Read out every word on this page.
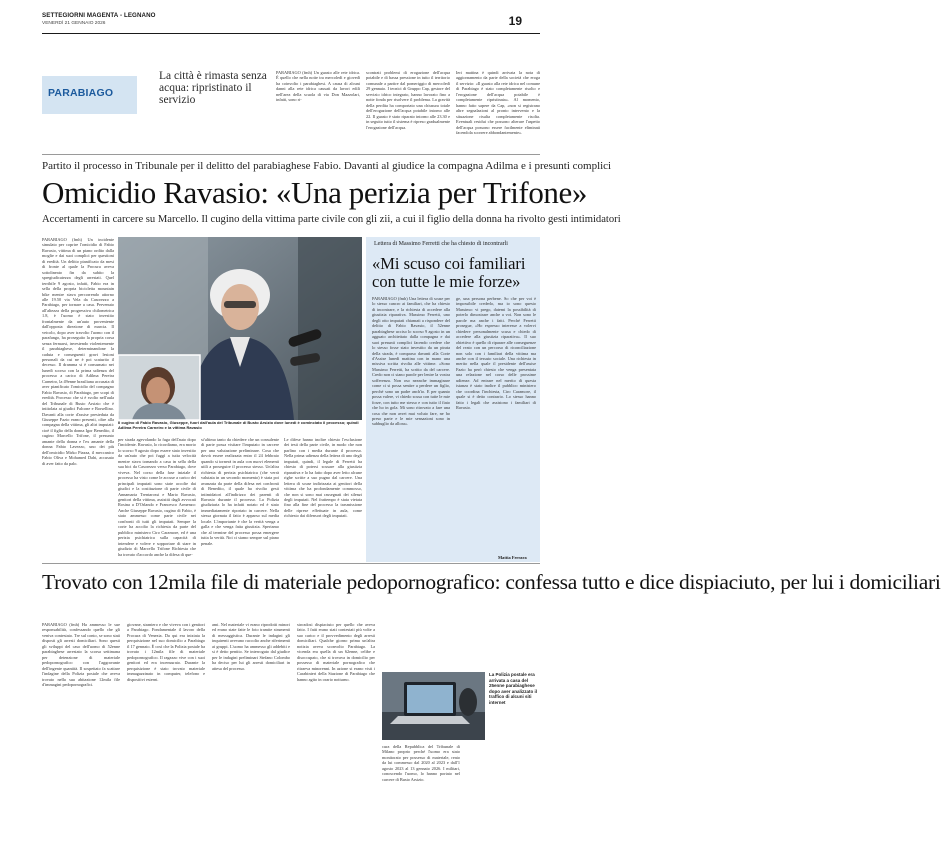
SETTEGIORNI MAGENTA - LEGNANO
VENERDÌ 21 GENNAIO 2026	19
PARABIAGO
La città è rimasta senza acqua: ripristinato il servizio
PARABIAGO (fmh) Un guasto alle rete idrica. È quello che nella notte tra mercoledì e giovedì ha coinvolto i parabiaghesi. A causa di alcuni danni alla rete idrica causati da lavori edili nell'area della scuola di via Don Mazzolari, infatti, sono ri-
scontrati problemi di erogazione dell'acqua potabile e di bassa pressione in tutto il territorio comunale a partire dal pomeriggio di mercoledì 29 gennaio. I tecnici di Gruppo Cap, gestore del servizio idrico integrato, hanno lavorato fino a notte fonda per risolvere il problema. La gravità della perdita ha comportato una chiusura totale dell'erogazione dell'acqua potabile intorno alle 22. Il guasto è stato riparato intorno alle 23.30 e in seguito tutto il sistema è ripreso gradualmente l'erogazione dell'acqua.
Ieri mattina è quindi arrivata la nota di aggiornamento da parte della società che eroga il servizio: «Il guasto alla rete idrica nel comune di Parabiago è stato completamente risolto e l'erogazione dell'acqua potabile è completamente ripristinata». Al momento, hanno fatto sapere da Cap, «non si registrano altre segnalazioni al pronto intervento e la situazione risulta completamente risolta. Eventuali residui che possono alterare l'aspetto dell'acqua possono essere facilmente eliminati facendola scorrere abbondantemente».
Partito il processo in Tribunale per il delitto del parabiaghese Fabio. Davanti al giudice la compagna Adilma e i presunti complici
Omicidio Ravasio: «Una perizia per Trifone»
Accertamenti in carcere su Marcello. Il cugino della vittima parte civile con gli zii, a cui il figlio della donna ha rivolto gesti intimidatori
PARABIAGO (fmh) Un incidente simulato per coprire l'omicidio di Fabio Ravasio, vittima di un piano ordito dalla moglie e dai suoi complici per questioni di eredità. Un delitto pianificato da mesi di fronte al quale la Procura aveva sottolineato fin da subito la spregiudicatezza degli arrestati. Quel terribile 9 agosto, infatti, Fabio era in sella della propria bicicletta mountain bike mentre stava percorrendo attorno alle 19.50 via Vela da Casorezzo a Parabiago, per tornare a casa. Pervenuto all'altezza della progressiva chilometrica 1.8, è l'uomo è stato investito frontalmente da un'auto proveniente dall'opposta direzione di marcia. Il veicolo, dopo aver travolto l'uomo con il parafango, ha proseguito la propria corsa senza fermarsi, investendo violentemente il parabiaghese, determinandone la caduta e conseguenti gravi lesioni personali da cui ne è poi scaturito il decesso. Il dramma si è consumato nei lunedì scorso con la prima udienza del processo a carico di Adilma Pereira Carneiro, la 49enne brasiliana accusata di aver pianificato l'omicidio del compagno Fabio Ravasio, di Parabiago, per scopi di eredità. Processo che si è svolto nell'aula del Tribunale di Busto Arsizio che è intitolata ai giudici Falcone e Borsellino. Davanti alla corte d'assise presieduta da Giuseppe Fazio erano presenti, oltre alla compagna della vittima, gli altri imputati: cioè il figlio della donna Igor Benedito, il cugino Marcello Trifone, il presunto amante della donna e l'ex amante della donna Fabio Lavezzo, uno dei più dell'omicidio Mirko Piazza, il meccanico Fabio Oliva e Mohamed Dahi, accusato di aver fatto da palo.
Il cugino di Fabio Ravasio, Giuseppe, fuori dall'aula del Tribunale di Busto Arsizio dove lunedì è cominciato il processo; quindi Adilma Pereira Carneiro e la vittima Ravasio
per strada agevolando la fuga dell'auto dopo l'incidente. Ravasio, lo ricordiamo, era morto lo scorso 9 agosto dopo essere stato investito da un'auto che poi fuggì a tutta velocità mentre stava tornando a casa in sella della sua bici da Casorezzo verso Parabiago, dove viveva. Nel corso della fase iniziale il processo ha visto come le accuse a carico dei principali imputati sono state accolte dai giudici e la costituzione di parte civile di Annamaria Trentarossi e Mario Ravasio, genitori della vittima, assistiti dagli avvocati Rosina a D'Orlando e Francesco Armenzo: Anche Giuseppe Ravasio, cugino di Fabio, è stato ammesso come parte civile nei confronti di tutti gli imputati. Sempre la corte ha accolto la richiesta da parte del pubblico ministero Ciro Caramore, ed è una perizia psichiatrica sulla capacità di intendere e volere e sopportare di stare in giudizio di Marcello Trifone Richiesta che ha trovato d'accordo anche la difesa di que-
st'ultimo tanto da chiedere che un consulente di parte possa visitare l'imputato in carcere per una valutazione preliminare. Cosa che dovrà essere realizzata entro il 24 febbraio quando si tornerà in aula con nuovi elementi utili a proseguire il processo stesso. Un'altra richiesta di perizia psichiatrica (che verrà valutata in un secondo momento) è stata poi avanzata da parte della difesa nei confronti di Benedito, il quale ha rivolto gesti intimidatori all'indirizzo dei parenti di Ravasio durante il processo. La Polizia giudiziaria lo ha infatti notato ed è stato immediatamente riportato in carcere. Nella stessa giornata il fatto è apparso sul media locale. L'importante è che la verità venga a galla e che venga fatta giustizia. Speriamo che al termine del processo possa emergere tutta la verità. Noi ci siamo sempre sul piano penale.
Le difese hanno inoltre chiesto l'esclusione dei testi della parte civile, in modo che non parlino con i media durante il processo. Nella prima udienza della lettera di uno degli imputati, quindi, il legale di Ferretti ha chiesto di potersi scusare alla giustizia riparativa e lo ha fatto dopo aver letto alcune righe scritte a suo pugno dal carcere. Una lettera di scuse indirizzata ai genitori della vittima che ha profondamente commosso, che non si sono mai rassegnati dei silenzi degli imputati. Nel frattempo è stata vietata fino alla fine del processo la trasmissione delle riprese effettuate in aula, come richiesto dai difensori degli imputati.
Lettera di Massimo Ferretti che ha chiesto di incontrarli
«Mi scuso coi familiari con tutte le mie forze»
PARABIAGO (fmh) Una lettera di scuse per lo stesso cancro ai familiari, che ha chiesto di incontrare, e la richiesta di accedere alla giustizia riparativa. Massimo Ferretti, uno degli otto imputati chiamati a rispondere del delitto di Fabio Ravasio, il 52enne parabiaghese ucciso lo scorso 9 agosto in un agguato architettato dalla compagna e dai suoi presunti complici facendo credere che lo stesso fosse stato investito da un pirata della strada, è comparso davanti alla Corte d'Assise lunedì mattina con in mano una missiva scritta rivolta alle vittime. «Sono Massimo Ferretti, ha scritto da del carcere. Credo non ci siano parole per lenire la vostra sofferenza. Non oso neanche immaginare come ci si possa sentire a perdere un figlio, perché sono un padre anch'io. E per quanto possa valere, vi chiedo scusa con tutte le mie forze, con tutto me stesso e con tutto il fiato che ho in gola. Mi sono ritrovato a fare una cosa che non avrei mai voluto fare, ne ho preso parte e le mie sensazioni sono in subbuglio da allora».
ge, una persona perbene. So che per voi è impossibile crederlo, ma io sono questo Massimo: vi prego, datemi la possibilità di poterlo dimostrare anche a voi. Non sono le parole ma anche i fatti. Perché Ferretti prosegue, «Ho espresso interesse a volervi chiedere personalmente scusa e chiedo di accedere alla giustizia riparativa». Il suo obiettivo è quello di riparare alle conseguenze del reato con un percorso di riconciliazione non solo con i familiari della vittima ma anche con il tessuto sociale. Una richiesta in merito nella quale il presidente dell'assise Fazio ha però chiesto che venga presentata una relazione nel corso delle prossime udienze. Ad entrare nel merito di questa istanza è stato inoltre il pubblico ministero che coordina l'inchiesta, Ciro Caramore, il quale si è detto contrario. Lo stesso hanno fatto i legali che assistono i familiari di Ravasio.
Mattia Ferrara
Trovato con 12mila file di materiale pedopornografico: confessa tutto e dice dispiaciuto, per lui i domiciliari
PARABIAGO (fmh) Ha ammesso le sue responsabilità, confessando quello che gli veniva contestato. Tre sul conto, se sono stati disposti gli arresti domiciliari. Sono questi gli sviluppi del caso dell'uomo di 52enne parabiaghese arrestato la scorsa settimana per detenzione di materiale pedopornografico con l'aggravante dell'ingente quantità. Il sospettato fa scattare l'indagine della Polizia postale che aveva trovato nella sua abitazione 12mila file d'immagini pedopornografici.
giovane, straniero e che viveva con i genitori a Parabiago. Fondamentale il lavoro della Procura di Venezia. Da qui era iniziata la perquisizione nel suo domicilio a Parabiago il 17 gennaio. È così che la Polizia postale ha trovato i 12mila file di materiale pedopornografico. Il ragazzo vive con i suoi genitori ed era incensurato. Durante la perquisizione è stato trovato materiale immagazzinato in computer, telefono e dispositivi esterni.
ami. Nel materiale vi erano riprodotti minori ed erano state fatte le foto tramite strumenti di messaggistica. Durante le indagini gli inquirenti avevano raccolto anche riferimenti ai gruppi. L'uomo ha ammesso gli addebiti e si è detto pentito. Se interrogato dal giudice per le indagini preliminari Stefano Colombo ha deciso per lui gli arresti domiciliari in attesa del processo.
strozdosi dispiaciuto per quello che aveva fatto. I fatti erano stati contestati più volte a suo carico e il provvedimento degli arresti domiciliari. Qualche giorno prima un'altra notizia aveva sconvolto Parabiago. La vicenda era quella di un 62enne, celibe e disoccupato, che si trovava in domicilio per possesso di materiale pornografico che ritraeva minorenni. In azione si erano visti i Carabinieri della Stazione di Parabiago che hanno agito in orario notturno.
La Polizia postale era arrivata a casa del 25enne parabiaghese dopo aver analizzato il traffico di alcuni siti internet
cura della Repubblica del Tribunale di Milano proprio perché l'uomo era stato monitorato per possesso di materiale, reato da lui commesso dal 2020 al 2023 e dall'1 agosto 2023 al 13 gennaio 2026. I militari, conoscendo l'uomo, lo hanno portato nel carcere di Busto Arsizio.
